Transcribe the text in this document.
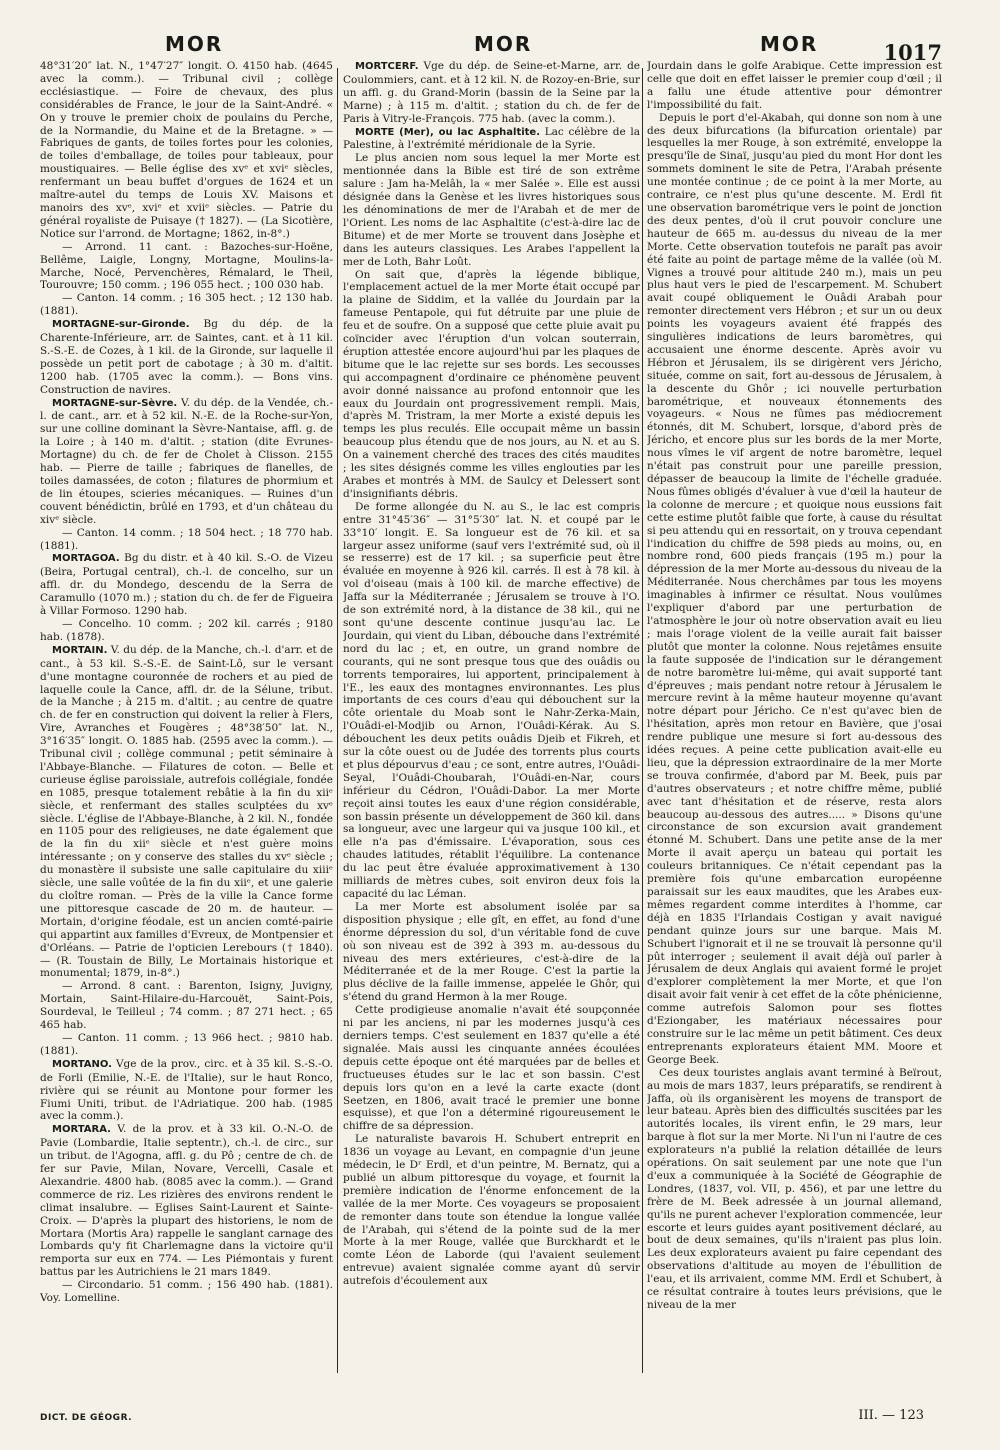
MOR	MOR	MOR	1017

48°31′20″ lat. N., 1°47′27″ longit. O. 4150 hab. (4645 avec la comm.). — Tribunal civil ; collège ecclésiastique. — Foire de chevaux, des plus considérables de France, le jour de la Saint-André. « On y trouve le premier choix de poulains du Perche, de la Normandie, du Maine et de la Bretagne. » — Fabriques de gants, de toiles fortes pour les colonies, de toiles d'emballage, de toiles pour tableaux, pour moustiquaires. — Belle église des xvᵉ et xviᵉ siècles, renfermant un beau buffet d'orgues de 1624 et un maître-autel du temps de Louis XV. Maisons et manoirs des xvᵉ, xviᵉ et xviiᵉ siècles. — Patrie du général royaliste de Puisaye († 1827). — (La Sicotière, Notice sur l'arrond. de Mortagne; 1862, in-8°.)

— Arrond. 11 cant. : Bazoches-sur-Hoëne, Bellême, Laigle, Longny, Mortagne, Moulins-la-Marche, Nocé, Pervenchères, Rémalard, le Theil, Tourouvre; 150 comm. ; 196 055 hect. ; 100 030 hab.

— Canton. 14 comm. ; 16 305 hect. ; 12 130 hab. (1881).

MORTAGNE-sur-Gironde. Bg du dép. de la Charente-Inférieure, arr. de Saintes, cant. et à 11 kil. S.-S.-E. de Cozes, à 1 kil. de la Gironde, sur laquelle il possède un petit port de cabotage ; à 30 m. d'altit. 1200 hab. (1705 avec la comm.). — Bons vins. Construction de navires.

MORTAGNE-sur-Sèvre. V. du dép. de la Vendée, ch.-l. de cant., arr. et à 52 kil. N.-E. de la Roche-sur-Yon, sur une colline dominant la Sèvre-Nantaise, affl. g. de la Loire ; à 140 m. d'altit. ; station (dite Evrunes-Mortagne) du ch. de fer de Cholet à Clisson. 2155 hab. — Pierre de taille ; fabriques de flanelles, de toiles damassées, de coton ; filatures de phormium et de lin étoupes, scieries mécaniques. — Ruines d'un couvent bénédictin, brûlé en 1793, et d'un château du xivᵉ siècle.

— Canton. 14 comm. ; 18 504 hect. ; 18 770 hab. (1881).

MORTAGOA. Bg du distr. et à 40 kil. S.-O. de Vizeu (Beira, Portugal central), ch.-l. de concelho, sur un affl. dr. du Mondego, descendu de la Serra de Caramullo (1070 m.) ; station du ch. de fer de Figueira à Villar Formoso. 1290 hab.

— Concelho. 10 comm. ; 202 kil. carrés ; 9180 hab. (1878).

MORTAIN. V. du dép. de la Manche, ch.-l. d'arr. et de cant., à 53 kil. S.-S.-E. de Saint-Lô, sur le versant d'une montagne couronnée de rochers et au pied de laquelle coule la Cance, affl. dr. de la Sélune, tribut. de la Manche ; à 215 m. d'altit. ; au centre de quatre ch. de fer en construction qui doivent la relier à Flers, Vire, Avranches et Fougères ; 48°38′50″ lat. N., 3°16′35″ longit. O. 1885 hab. (2595 avec la comm.). — Tribunal civil ; collège communal ; petit séminaire à l'Abbaye-Blanche. — Filatures de coton. — Belle et curieuse église paroissiale, autrefois collégiale, fondée en 1085, presque totalement rebâtie à la fin du xiiᵉ siècle, et renfermant des stalles sculptées du xvᵉ siècle. L'église de l'Abbaye-Blanche, à 2 kil. N., fondée en 1105 pour des religieuses, ne date également que de la fin du xiiᵉ siècle et n'est guère moins intéressante ; on y conserve des stalles du xvᵉ siècle ; du monastère il subsiste une salle capitulaire du xiiiᵉ siècle, une salle voûtée de la fin du xiiᵉ, et une galerie du cloître roman. — Près de la ville la Cance forme une pittoresque cascade de 20 m. de hauteur. — Mortain, d'origine féodale, est un ancien comté-pairie qui appartint aux familles d'Evreux, de Montpensier et d'Orléans. — Patrie de l'opticien Lerebours († 1840). — (R. Toustain de Billy, Le Mortainais historique et monumental; 1879, in-8°.)

— Arrond. 8 cant. : Barenton, Isigny, Juvigny, Mortain, Saint-Hilaire-du-Harcouët, Saint-Pois, Sourdeval, le Teilleul ; 74 comm. ; 87 271 hect. ; 65 465 hab.

— Canton. 11 comm. ; 13 966 hect. ; 9810 hab. (1881).

MORTANO. Vge de la prov., circ. et à 35 kil. S.-S.-O. de Forli (Emilie, N.-E. de l'Italie), sur le haut Ronco, rivière qui se réunit au Montone pour former les Fiumi Uniti, tribut. de l'Adriatique. 200 hab. (1985 avec la comm.).

MORTARA. V. de la prov. et à 33 kil. O.-N.-O. de Pavie (Lombardie, Italie septentr.), ch.-l. de circ., sur un tribut. de l'Agogna, affl. g. du Pô ; centre de ch. de fer sur Pavie, Milan, Novare, Vercelli, Casale et Alexandrie. 4800 hab. (8085 avec la comm.). — Grand commerce de riz. Les rizières des environs rendent le climat insalubre. — Eglises Saint-Laurent et Sainte-Croix. — D'après la plupart des historiens, le nom de Mortara (Mortis Ara) rappelle le sanglant carnage des Lombards qu'y fit Charlemagne dans la victoire qu'il remporta sur eux en 774. — Les Piémontais y furent battus par les Autrichiens le 21 mars 1849.

— Circondario. 51 comm. ; 156 490 hab. (1881). Voy. Lomelline.

MORTCERF. Vge du dép. de Seine-et-Marne, arr. de Coulommiers, cant. et à 12 kil. N. de Rozoy-en-Brie, sur un affl. g. du Grand-Morin (bassin de la Seine par la Marne) ; à 115 m. d'altit. ; station du ch. de fer de Paris à Vitry-le-François. 775 hab. (avec la comm.).

MORTE (Mer), ou lac Asphaltite. Lac célèbre de la Palestine, à l'extrémité méridionale de la Syrie.

Le plus ancien nom sous lequel la mer Morte est mentionnée dans la Bible est tiré de son extrême salure : Jam ha-Melâh, la « mer Salée ». Elle est aussi désignée dans la Genèse et les livres historiques sous les dénominations de mer de l'Arabah et de mer de l'Orient. Les noms de lac Asphaltite (c'est-à-dire lac de Bitume) et de mer Morte se trouvent dans Josèphe et dans les auteurs classiques. Les Arabes l'appellent la mer de Loth, Bahr Loût.

On sait que, d'après la légende biblique, l'emplacement actuel de la mer Morte était occupé par la plaine de Siddim, et la vallée du Jourdain par la fameuse Pentapole, qui fut détruite par une pluie de feu et de soufre. On a supposé que cette pluie avait pu coïncider avec l'éruption d'un volcan souterrain, éruption attestée encore aujourd'hui par les plaques de bitume que le lac rejette sur ses bords. Les secousses qui accompagnent d'ordinaire ce phénomène peuvent avoir donné naissance au profond entonnoir que les eaux du Jourdain ont progressivement rempli. Mais, d'après M. Tristram, la mer Morte a existé depuis les temps les plus reculés. Elle occupait même un bassin beaucoup plus étendu que de nos jours, au N. et au S. On a vainement cherché des traces des cités maudites ; les sites désignés comme les villes englouties par les Arabes et montrés à MM. de Saulcy et Delessert sont d'insignifiants débris.

De forme allongée du N. au S., le lac est compris entre 31°45′36″ — 31°5′30″ lat. N. et coupé par le 33°10′ longit. E. Sa longueur est de 76 kil. et sa largeur assez uniforme (sauf vers l'extrémité sud, où il se resserre) est de 17 kil. ; sa superficie peut être évaluée en moyenne à 926 kil. carrés. Il est à 78 kil. à vol d'oiseau (mais à 100 kil. de marche effective) de Jaffa sur la Méditerranée ; Jérusalem se trouve à l'O. de son extrémité nord, à la distance de 38 kil., qui ne sont qu'une descente continue jusqu'au lac. Le Jourdain, qui vient du Liban, débouche dans l'extrémité nord du lac ; et, en outre, un grand nombre de courants, qui ne sont presque tous que des ouâdis ou torrents temporaires, lui apportent, principalement à l'E., les eaux des montagnes environnantes. Les plus importants de ces cours d'eau qui débouchent sur la côte orientale du Moab sont le Nahr-Zerka-Main, l'Ouâdi-el-Modjib ou Arnon, l'Ouâdi-Kérak. Au S. débouchent les deux petits ouâdis Djeib et Fikreh, et sur la côte ouest ou de Judée des torrents plus courts et plus dépourvus d'eau ; ce sont, entre autres, l'Ouâdi-Seyal, l'Ouâdi-Choubarah, l'Ouâdi-en-Nar, cours inférieur du Cédron, l'Ouâdi-Dabor. La mer Morte reçoit ainsi toutes les eaux d'une région considérable, son bassin présente un développement de 360 kil. dans sa longueur, avec une largeur qui va jusque 100 kil., et elle n'a pas d'émissaire. L'évaporation, sous ces chaudes latitudes, rétablit l'équilibre. La contenance du lac peut être évaluée approximativement à 130 milliards de mètres cubes, soit environ deux fois la capacité du lac Léman.

La mer Morte est absolument isolée par sa disposition physique ; elle gît, en effet, au fond d'une énorme dépression du sol, d'un véritable fond de cuve où son niveau est de 392 à 393 m. au-dessous du niveau des mers extérieures, c'est-à-dire de la Méditerranée et de la mer Rouge. C'est la partie la plus déclive de la faille immense, appelée le Ghôr, qui s'étend du grand Hermon à la mer Rouge.

Cette prodigieuse anomalie n'avait été soupçonnée ni par les anciens, ni par les modernes jusqu'à ces derniers temps. C'est seulement en 1837 qu'elle a été signalée. Mais aussi les cinquante années écoulées depuis cette époque ont été marquées par de belles et fructueuses études sur le lac et son bassin. C'est depuis lors qu'on en a levé la carte exacte (dont Seetzen, en 1806, avait tracé le premier une bonne esquisse), et que l'on a déterminé rigoureusement le chiffre de sa dépression.

Le naturaliste bavarois H. Schubert entreprit en 1836 un voyage au Levant, en compagnie d'un jeune médecin, le Dʳ Erdl, et d'un peintre, M. Bernatz, qui a publié un album pittoresque du voyage, et fournit la première indication de l'énorme enfoncement de la vallée de la mer Morte. Ces voyageurs se proposaient de remonter dans toute son étendue la longue vallée de l'Arabah, qui s'étend de la pointe sud de la mer Morte à la mer Rouge, vallée que Burckhardt et le comte Léon de Laborde (qui l'avaient seulement entrevue) avaient signalée comme ayant dû servir autrefois d'écoulement aux

Jourdain dans le golfe Arabique. Cette impression est celle que doit en effet laisser le premier coup d'œil ; il a fallu une étude attentive pour démontrer l'impossibilité du fait.

Depuis le port d'el-Akabah, qui donne son nom à une des deux bifurcations (la bifurcation orientale) par lesquelles la mer Rouge, à son extrémité, enveloppe la presqu'île de Sinaï, jusqu'au pied du mont Hor dont les sommets dominent le site de Petra, l'Arabah présente une montée continue ; de ce point à la mer Morte, au contraire, ce n'est plus qu'une descente. M. Erdl fit une observation barométrique vers le point de jonction des deux pentes, d'où il crut pouvoir conclure une hauteur de 665 m. au-dessus du niveau de la mer Morte. Cette observation toutefois ne paraît pas avoir été faite au point de partage même de la vallée (où M. Vignes a trouvé pour altitude 240 m.), mais un peu plus haut vers le pied de l'escarpement. M. Schubert avait coupé obliquement le Ouâdi Arabah pour remonter directement vers Hébron ; et sur un ou deux points les voyageurs avaient été frappés des singulières indications de leurs baromètres, qui accusaient une énorme descente. Après avoir vu Hébron et Jérusalem, ils se dirigèrent vers Jéricho, située, comme on sait, fort au-dessous de Jérusalem, à la descente du Ghôr ; ici nouvelle perturbation barométrique, et nouveaux étonnements des voyageurs. « Nous ne fûmes pas médiocrement étonnés, dit M. Schubert, lorsque, d'abord près de Jéricho, et encore plus sur les bords de la mer Morte, nous vîmes le vif argent de notre baromètre, lequel n'était pas construit pour une pareille pression, dépasser de beaucoup la limite de l'échelle graduée. Nous fûmes obligés d'évaluer à vue d'œil la hauteur de la colonne de mercure ; et quoique nous eussions fait cette estime plutôt faible que forte, à cause du résultat si peu attendu qui en ressortait, on y trouva cependant l'indication du chiffre de 598 pieds au moins, ou, en nombre rond, 600 pieds français (195 m.) pour la dépression de la mer Morte au-dessous du niveau de la Méditerranée. Nous cherchâmes par tous les moyens imaginables à infirmer ce résultat. Nous voulûmes l'expliquer d'abord par une perturbation de l'atmosphère le jour où notre observation avait eu lieu ; mais l'orage violent de la veille aurait fait baisser plutôt que monter la colonne. Nous rejetâmes ensuite la faute supposée de l'indication sur le dérangement de notre baromètre lui-même, qui avait supporté tant d'épreuves ; mais pendant notre retour à Jérusalem le mercure revint à la même hauteur moyenne qu'avant notre départ pour Jéricho. Ce n'est qu'avec bien de l'hésitation, après mon retour en Bavière, que j'osai rendre publique une mesure si fort au-dessous des idées reçues. A peine cette publication avait-elle eu lieu, que la dépression extraordinaire de la mer Morte se trouva confirmée, d'abord par M. Beek, puis par d'autres observateurs ; et notre chiffre même, publié avec tant d'hésitation et de réserve, resta alors beaucoup au-dessous des autres..... » Disons qu'une circonstance de son excursion avait grandement étonné M. Schubert. Dans une petite anse de la mer Morte il avait aperçu un bateau qui portait les couleurs britanniques. Ce n'était cependant pas la première fois qu'une embarcation européenne paraissait sur les eaux maudites, que les Arabes eux-mêmes regardent comme interdites à l'homme, car déjà en 1835 l'Irlandais Costigan y avait navigué pendant quinze jours sur une barque. Mais M. Schubert l'ignorait et il ne se trouvait là personne qu'il pût interroger ; seulement il avait déjà ouï parler à Jérusalem de deux Anglais qui avaient formé le projet d'explorer complètement la mer Morte, et que l'on disait avoir fait venir à cet effet de la côte phénicienne, comme autrefois Salomon pour ses flottes d'Eziongaber, les matériaux nécessaires pour construire sur le lac même un petit bâtiment. Ces deux entreprenants explorateurs étaient MM. Moore et George Beek.

Ces deux touristes anglais avant terminé à Beïrout, au mois de mars 1837, leurs préparatifs, se rendirent à Jaffa, où ils organisèrent les moyens de transport de leur bateau. Après bien des difficultés suscitées par les autorités locales, ils virent enfin, le 29 mars, leur barque à flot sur la mer Morte. Ni l'un ni l'autre de ces explorateurs n'a publié la relation détaillée de leurs opérations. On sait seulement par une note que l'un d'eux a communiquée à la Société de Géographie de Londres, (1837, vol. VII, p. 456), et par une lettre du frère de M. Beek adressée à un journal allemand, qu'ils ne purent achever l'exploration commencée, leur escorte et leurs guides ayant positivement déclaré, au bout de deux semaines, qu'ils n'iraient pas plus loin. Les deux explorateurs avaient pu faire cependant des observations d'altitude au moyen de l'ébullition de l'eau, et ils arrivaient, comme MM. Erdl et Schubert, à ce résultat contraire à toutes leurs prévisions, que le niveau de la mer

DICT. DE GÉOGR.	III. — 123
